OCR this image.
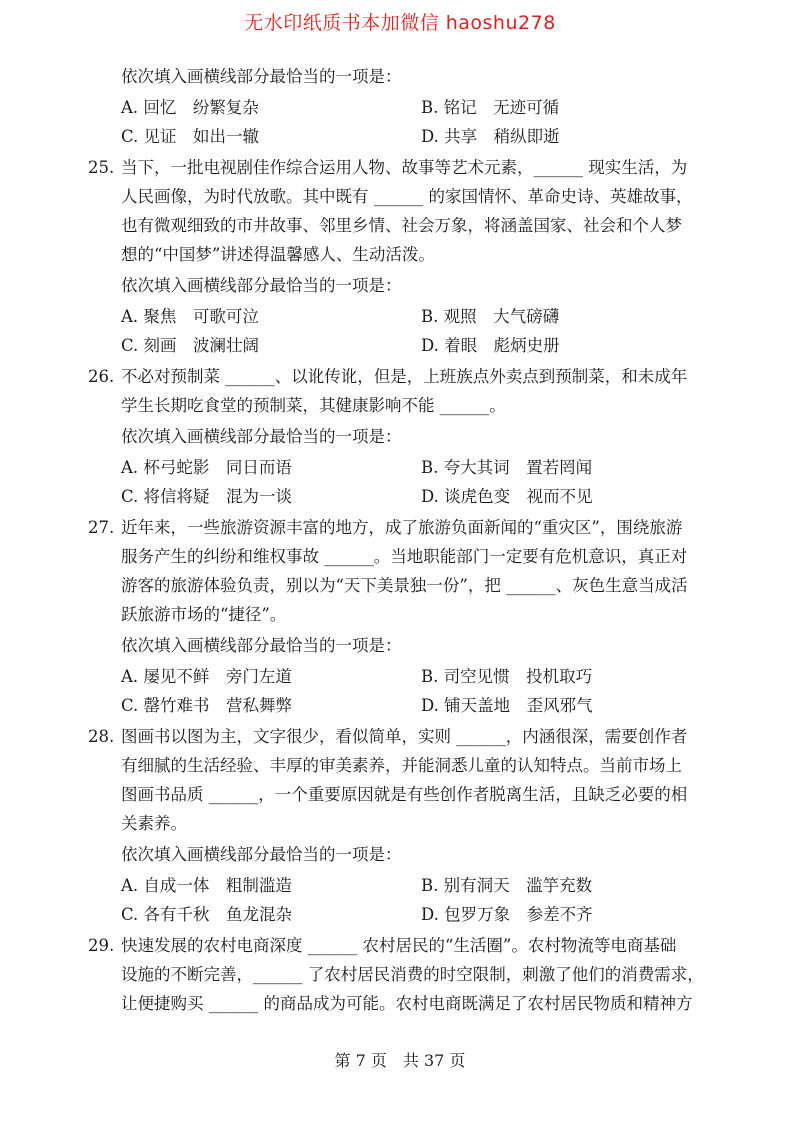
无水印纸质书本加微信 haoshu278
依次填入画横线部分最恰当的一项是：
A. 回忆　纷繁复杂	B. 铭记　无迹可循
C. 见证　如出一辙	D. 共享　稍纵即逝
25. 当下，一批电视剧佳作综合运用人物、故事等艺术元素，______ 现实生活，为
人民画像，为时代放歌。其中既有 ______ 的家国情怀、革命史诗、英雄故事，
也有微观细致的市井故事、邻里乡情、社会万象，将涵盖国家、社会和个人梦
想的“中国梦”讲述得温馨感人、生动活泼。
依次填入画横线部分最恰当的一项是：
A. 聚焦　可歌可泣	B. 观照　大气磅礴
C. 刻画　波澜壮阔	D. 着眼　彪炳史册
26. 不必对预制菜 ______、以讹传讹，但是，上班族点外卖点到预制菜，和未成年
学生长期吃食堂的预制菜，其健康影响不能 ______。
依次填入画横线部分最恰当的一项是：
A. 杯弓蛇影　同日而语	B. 夸大其词　置若罔闻
C. 将信将疑　混为一谈	D. 谈虎色变　视而不见
27. 近年来，一些旅游资源丰富的地方，成了旅游负面新闻的“重灾区”，围绕旅游
服务产生的纠纷和维权事故 ______。当地职能部门一定要有危机意识，真正对
游客的旅游体验负责，别以为“天下美景独一份”，把 ______、灰色生意当成活
跃旅游市场的“捷径”。
依次填入画横线部分最恰当的一项是：
A. 屡见不鲜　旁门左道	B. 司空见惯　投机取巧
C. 罄竹难书　营私舞弊	D. 铺天盖地　歪风邪气
28. 图画书以图为主，文字很少，看似简单，实则 ______，内涵很深，需要创作者
有细腻的生活经验、丰厚的审美素养，并能洞悉儿童的认知特点。当前市场上
图画书品质 ______，一个重要原因就是有些创作者脱离生活，且缺乏必要的相
关素养。
依次填入画横线部分最恰当的一项是：
A. 自成一体　粗制滥造	B. 别有洞天　滥竽充数
C. 各有千秋　鱼龙混杂	D. 包罗万象　参差不齐
29. 快速发展的农村电商深度 ______ 农村居民的“生活圈”。农村物流等电商基础
设施的不断完善，______ 了农村居民消费的时空限制，刺激了他们的消费需求，
让便捷购买 ______ 的商品成为可能。农村电商既满足了农村居民物质和精神方
第 7 页　共 37 页
